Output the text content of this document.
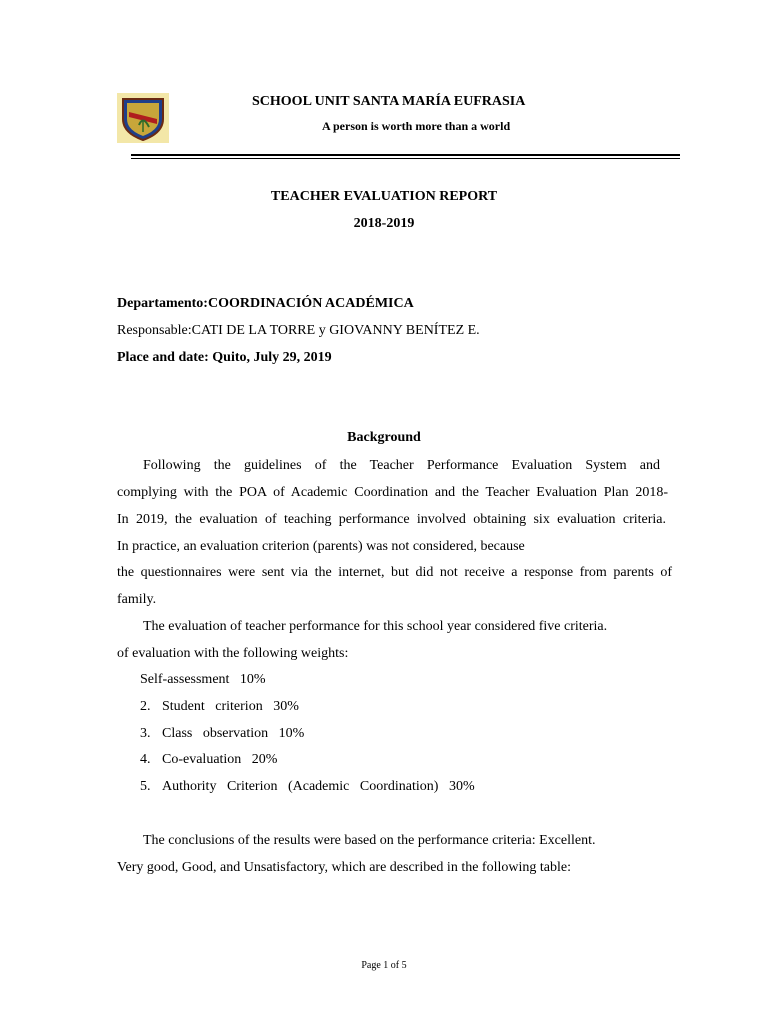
SCHOOL UNIT SANTA MARÍA EUFRASIA
A person is worth more than a world
TEACHER EVALUATION REPORT
2018-2019
Departamento:COORDINACIÓN ACADÉMICA
Responsable:CATI DE LA TORRE y GIOVANNY BENÍTEZ E.
Place and date: Quito, July 29, 2019
Background
Following the guidelines of the Teacher Performance Evaluation System and
complying with the POA of Academic Coordination and the Teacher Evaluation Plan 2018-
In 2019, the evaluation of teaching performance involved obtaining six evaluation criteria.
In practice, an evaluation criterion (parents) was not considered, because
the questionnaires were sent via the internet, but did not receive a response from parents of
family.
The evaluation of teacher performance for this school year considered five criteria.
of evaluation with the following weights:
Self-assessment   10%
2. Student   criterion   30%
3. Class   observation   10%
4. Co-evaluation   20%
5. Authority   Criterion   (Academic   Coordination)   30%
The conclusions of the results were based on the performance criteria: Excellent.
Very good, Good, and Unsatisfactory, which are described in the following table:
Page 1 of 5
